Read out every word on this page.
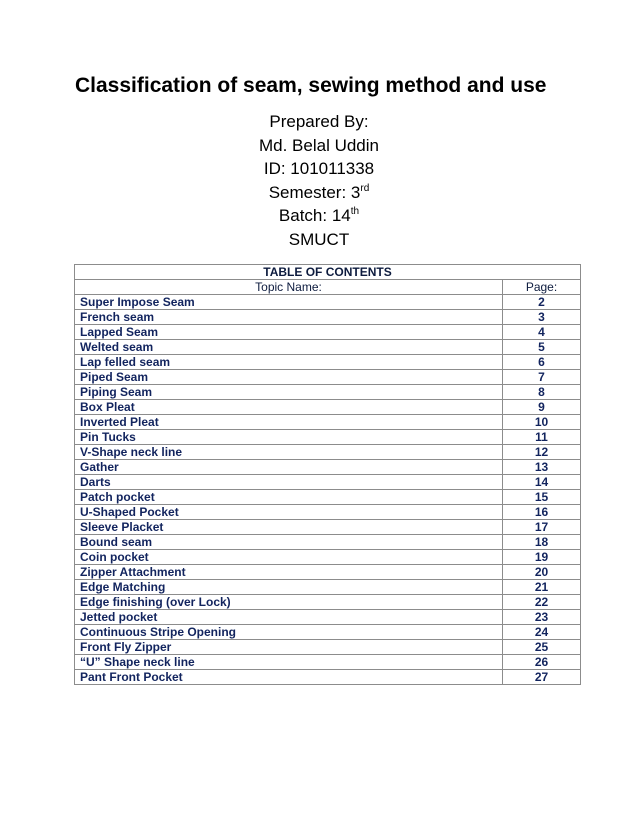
Classification of seam, sewing method and use
Prepared By:
Md. Belal Uddin
ID: 101011338
Semester: 3rd
Batch: 14th
SMUCT
TABLE OF CONTENTS	
Topic Name:	Page:
Super Impose Seam	2
French seam	3
Lapped Seam	4
Welted seam	5
Lap felled seam	6
Piped Seam	7
Piping Seam	8
Box Pleat	9
Inverted Pleat	10
Pin Tucks	11
V-Shape neck line	12
Gather	13
Darts	14
Patch pocket	15
U-Shaped Pocket	16
Sleeve Placket	17
Bound seam	18
Coin pocket	19
Zipper Attachment	20
Edge Matching	21
Edge finishing (over Lock)	22
Jetted pocket	23
Continuous Stripe Opening	24
Front Fly Zipper	25
“U” Shape neck line	26
Pant Front Pocket	27
